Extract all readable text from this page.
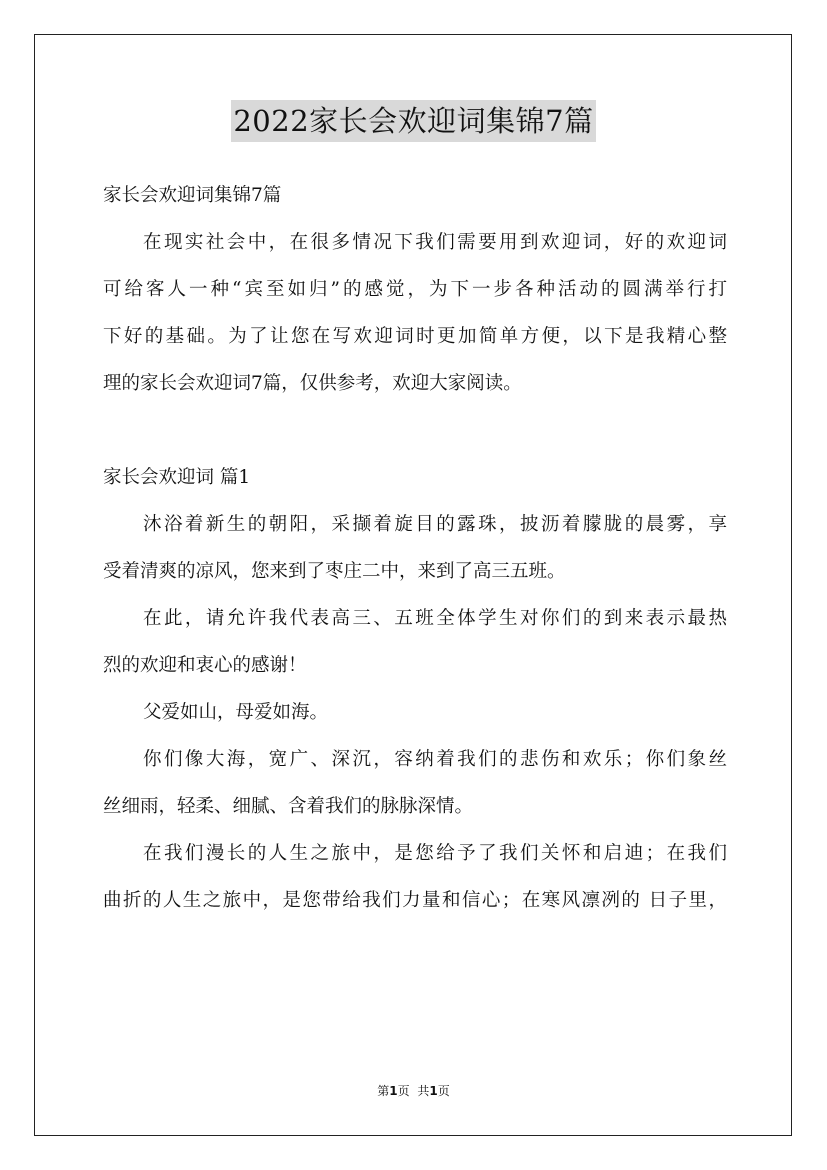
2022家长会欢迎词集锦7篇
家长会欢迎词集锦7篇
在现实社会中，在很多情况下我们需要用到欢迎词，好的欢迎词
可给客人一种“宾至如归”的感觉，为下一步各种活动的圆满举行打
下好的基础。为了让您在写欢迎词时更加简单方便，以下是我精心整
理的家长会欢迎词7篇，仅供参考，欢迎大家阅读。
家长会欢迎词 篇1
沐浴着新生的朝阳，采撷着旋目的露珠，披沥着朦胧的晨雾，享
受着清爽的凉风，您来到了枣庄二中，来到了高三五班。
在此，请允许我代表高三、五班全体学生对你们的到来表示最热
烈的欢迎和衷心的感谢！
父爱如山，母爱如海。
你们像大海，宽广、深沉，容纳着我们的悲伤和欢乐；你们象丝
丝细雨，轻柔、细腻、含着我们的脉脉深情。
在我们漫长的人生之旅中，是您给予了我们关怀和启迪；在我们
曲折的人生之旅中，是您带给我们力量和信心；在寒风凛冽的 日子里，
第1页 共1页
